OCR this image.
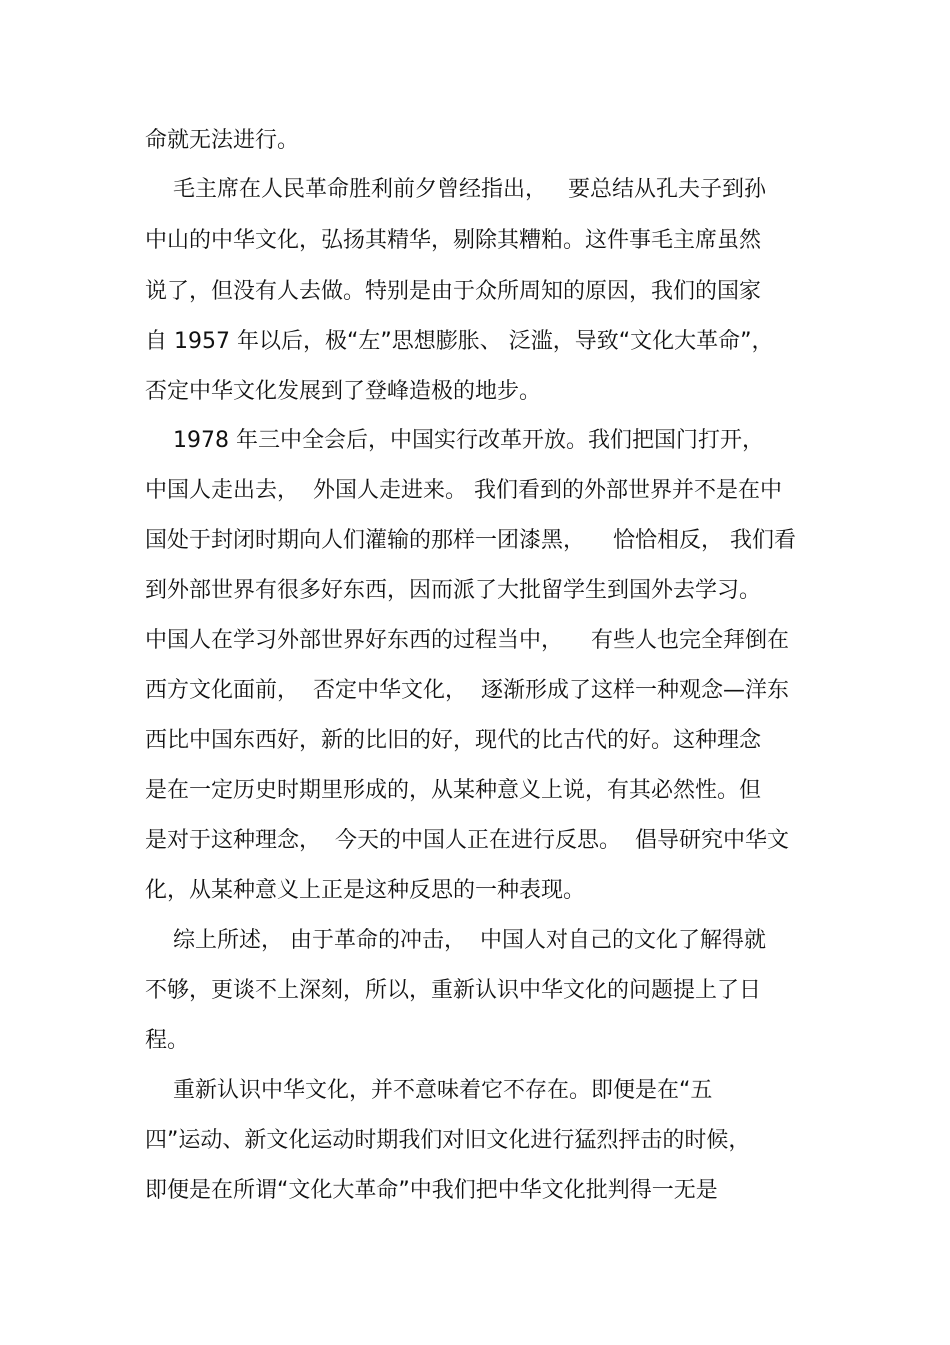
命就无法进行。

毛主席在人民革命胜利前夕曾经指出，   要总结从孔夫子到孙

中山的中华文化，弘扬其精华，剔除其糟粕。这件事毛主席虽然

说了，但没有人去做。特别是由于众所周知的原因，我们的国家

自 1957 年以后，极“左”思想膨胀、 泛滥，导致“文化大革命”，

否定中华文化发展到了登峰造极的地步。

1978 年三中全会后，中国实行改革开放。我们把国门打开，

中国人走出去，  外国人走进来。 我们看到的外部世界并不是在中

国处于封闭时期向人们灌输的那样一团漆黑，    恰恰相反， 我们看

到外部世界有很多好东西，因而派了大批留学生到国外去学习。

中国人在学习外部世界好东西的过程当中，    有些人也完全拜倒在

西方文化面前，  否定中华文化，  逐渐形成了这样一种观念—洋东

西比中国东西好，新的比旧的好，现代的比古代的好。这种理念

是在一定历史时期里形成的，从某种意义上说，有其必然性。但

是对于这种理念，  今天的中国人正在进行反思。  倡导研究中华文

化，从某种意义上正是这种反思的一种表现。

综上所述， 由于革命的冲击，  中国人对自己的文化了解得就

不够，更谈不上深刻，所以，重新认识中华文化的问题提上了日

程。

重新认识中华文化，并不意味着它不存在。即便是在“五

四”运动、新文化运动时期我们对旧文化进行猛烈抨击的时候，

即便是在所谓“文化大革命”中我们把中华文化批判得一无是
